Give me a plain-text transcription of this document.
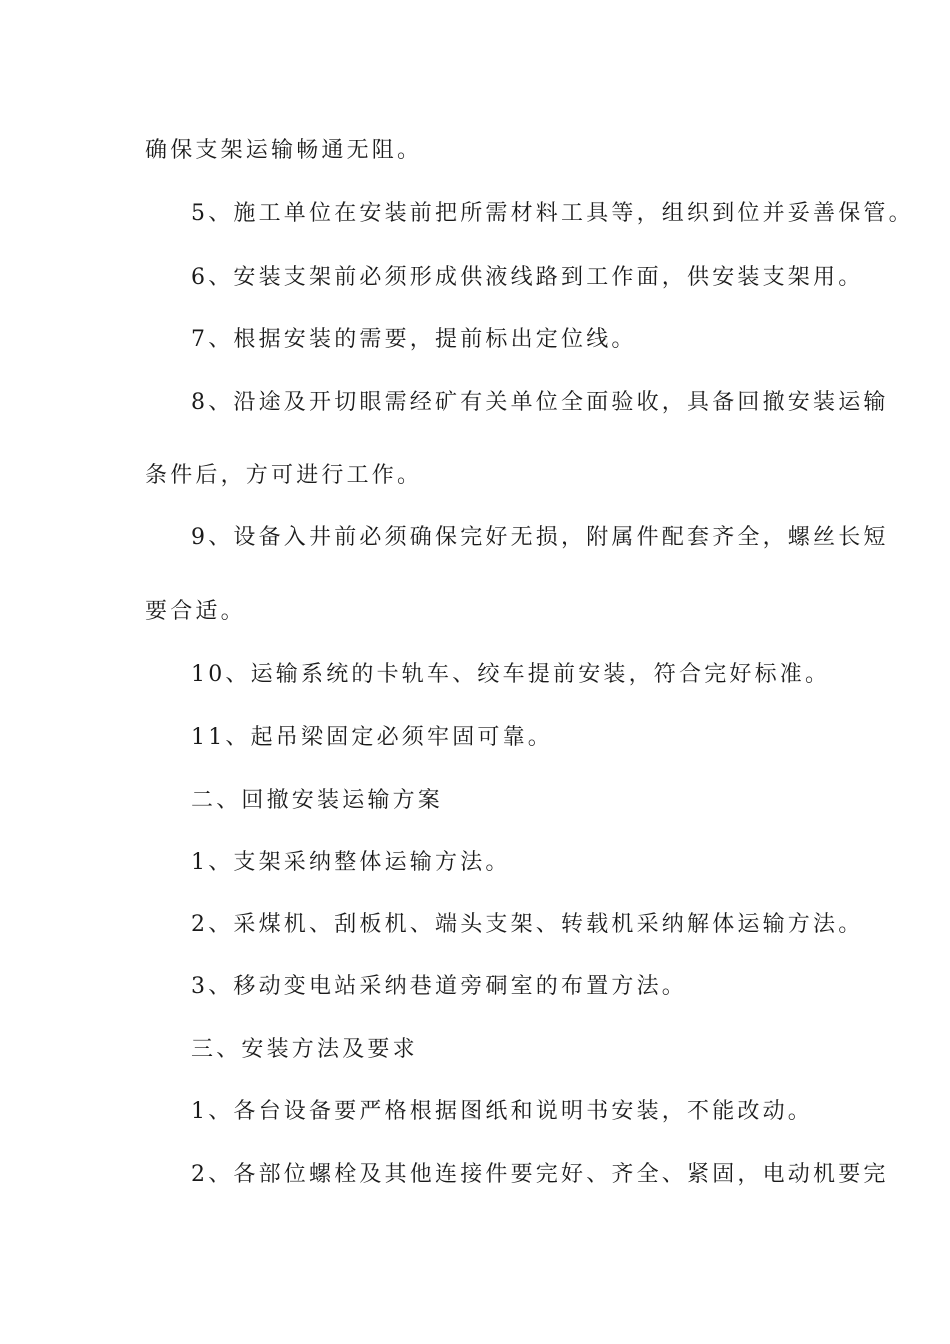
确保支架运输畅通无阻。
5、施工单位在安装前把所需材料工具等，组织到位并妥善保管。
6、安装支架前必须形成供液线路到工作面，供安装支架用。
7、根据安装的需要，提前标出定位线。
8、沿途及开切眼需经矿有关单位全面验收，具备回撤安装运输
条件后，方可进行工作。
9、设备入井前必须确保完好无损，附属件配套齐全，螺丝长短
要合适。
10、运输系统的卡轨车、绞车提前安装，符合完好标准。
11、起吊梁固定必须牢固可靠。
二、回撤安装运输方案
1、支架采纳整体运输方法。
2、采煤机、刮板机、端头支架、转载机采纳解体运输方法。
3、移动变电站采纳巷道旁硐室的布置方法。
三、安装方法及要求
1、各台设备要严格根据图纸和说明书安装，不能改动。
2、各部位螺栓及其他连接件要完好、齐全、紧固，电动机要完
